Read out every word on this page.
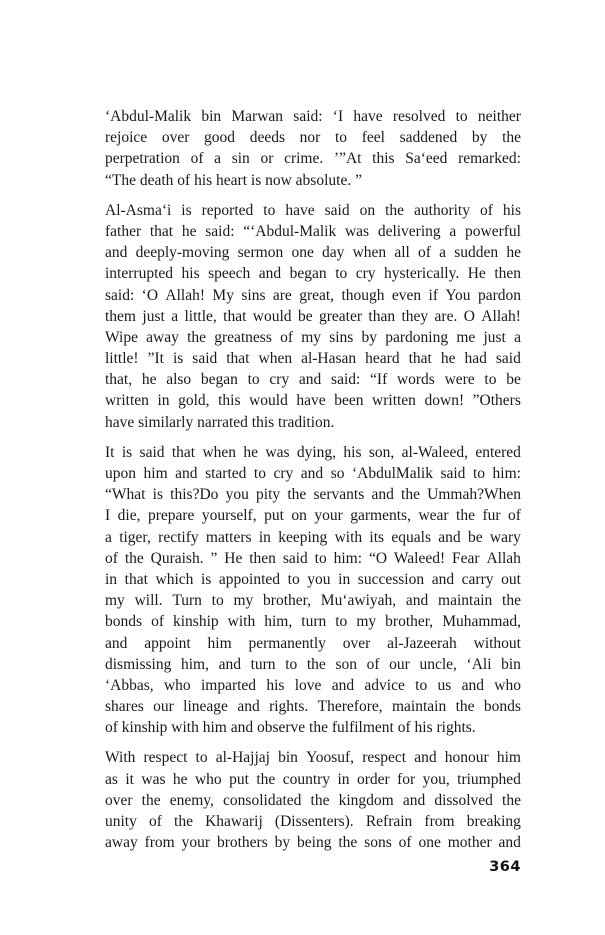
‘Abdul-Malik bin Marwan said: ‘I have resolved to neither
rejoice over good deeds nor to feel saddened by the
perpetration of a sin or crime. ’”At this Sa‘eed remarked:
“The death of his heart is now absolute. ”
Al-Asma‘i is reported to have said on the authority of his
father that he said: “‘Abdul-Malik was delivering a powerful
and deeply-moving sermon one day when all of a sudden he
interrupted his speech and began to cry hysterically. He then
said: ‘O Allah! My sins are great, though even if You pardon
them just a little, that would be greater than they are. O Allah!
Wipe away the greatness of my sins by pardoning me just a
little! ”It is said that when al-Hasan heard that he had said
that, he also began to cry and said: “If words were to be
written in gold, this would have been written down! ”Others
have similarly narrated this tradition.
It is said that when he was dying, his son, al-Waleed, entered
upon him and started to cry and so ‘AbdulMalik said to him:
“What is this?Do you pity the servants and the Ummah?When
I die, prepare yourself, put on your garments, wear the fur of
a tiger, rectify matters in keeping with its equals and be wary
of the Quraish. ” He then said to him: “O Waleed! Fear Allah
in that which is appointed to you in succession and carry out
my will. Turn to my brother, Mu‘awiyah, and maintain the
bonds of kinship with him, turn to my brother, Muhammad,
and appoint him permanently over al-Jazeerah without
dismissing him, and turn to the son of our uncle, ‘Ali bin
‘Abbas, who imparted his love and advice to us and who
shares our lineage and rights. Therefore, maintain the bonds
of kinship with him and observe the fulfilment of his rights.
With respect to al-Hajjaj bin Yoosuf, respect and honour him
as it was he who put the country in order for you, triumphed
over the enemy, consolidated the kingdom and dissolved the
unity of the Khawarij (Dissenters). Refrain from breaking
away from your brothers by being the sons of one mother and
364
